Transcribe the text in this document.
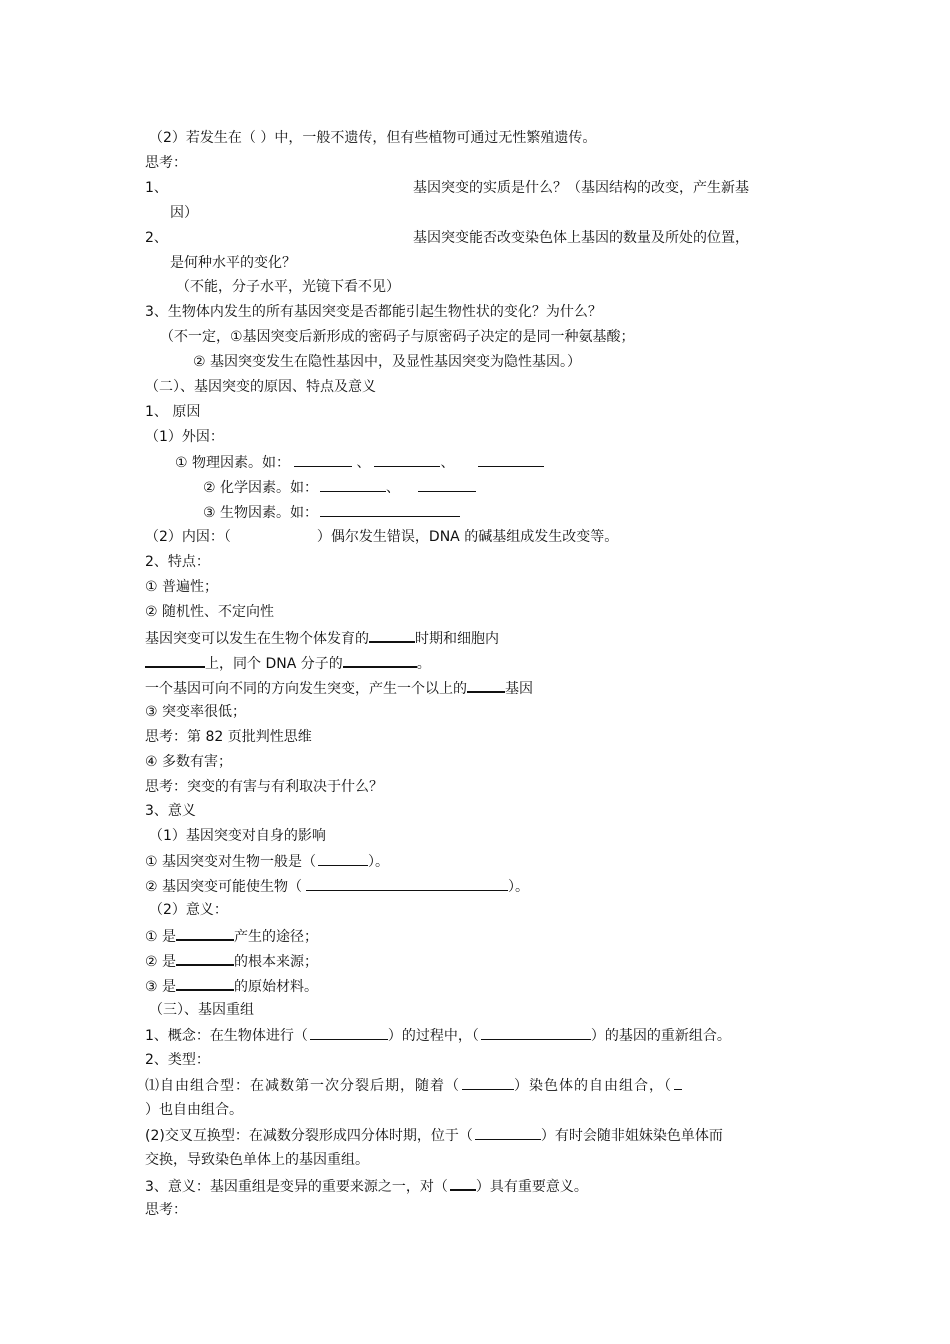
（2）若发生在（ ）中，一般不遗传，但有些植物可通过无性繁殖遗传。
思考：
1、	基因突变的实质是什么？（基因结构的改变，产生新基
因）
2、	基因突变能否改变染色体上基因的数量及所处的位置，
是何种水平的变化？
（不能，分子水平，光镜下看不见）
3、生物体内发生的所有基因突变是否都能引起生物性状的变化？为什么？
（不一定，①基因突变后新形成的密码子与原密码子决定的是同一种氨基酸；
② 基因突变发生在隐性基因中，及显性基因突变为隐性基因。）
（二）、基因突变的原因、特点及意义
1、 原因
（1）外因：
① 物理因素。如：	、	、
② 化学因素。如：	、
③ 生物因素。如：
（2）内因：（	）偶尔发生错误，DNA 的碱基组成发生改变等。
2、特点：
① 普遍性；
② 随机性、不定向性
基因突变可以发生在生物个体发育的	时期和细胞内
上，同个 DNA 分子的	。
一个基因可向不同的方向发生突变，产生一个以上的	基因
③ 突变率很低；
思考：第 82 页批判性思维
④ 多数有害；
思考：突变的有害与有利取决于什么？
3、意义
（1）基因突变对自身的影响
① 基因突变对生物一般是（	）。
② 基因突变可能使生物（	）。
（2）意义：
① 是	产生的途径；
② 是	的根本来源；
③ 是	的原始材料。
（三）、基因重组
1、概念：在生物体进行（	）的过程中，（	）的基因的重新组合。
2、类型：
⑴自由组合型：在减数第一次分裂后期，随着（	）染色体的自由组合，（
）也自由组合。
(2)交叉互换型：在减数分裂形成四分体时期，位于（	）有时会随非姐妹染色单体而
交换，导致染色单体上的基因重组。
3、意义：基因重组是变异的重要来源之一，对（ ）具有重要意义。
思考：
